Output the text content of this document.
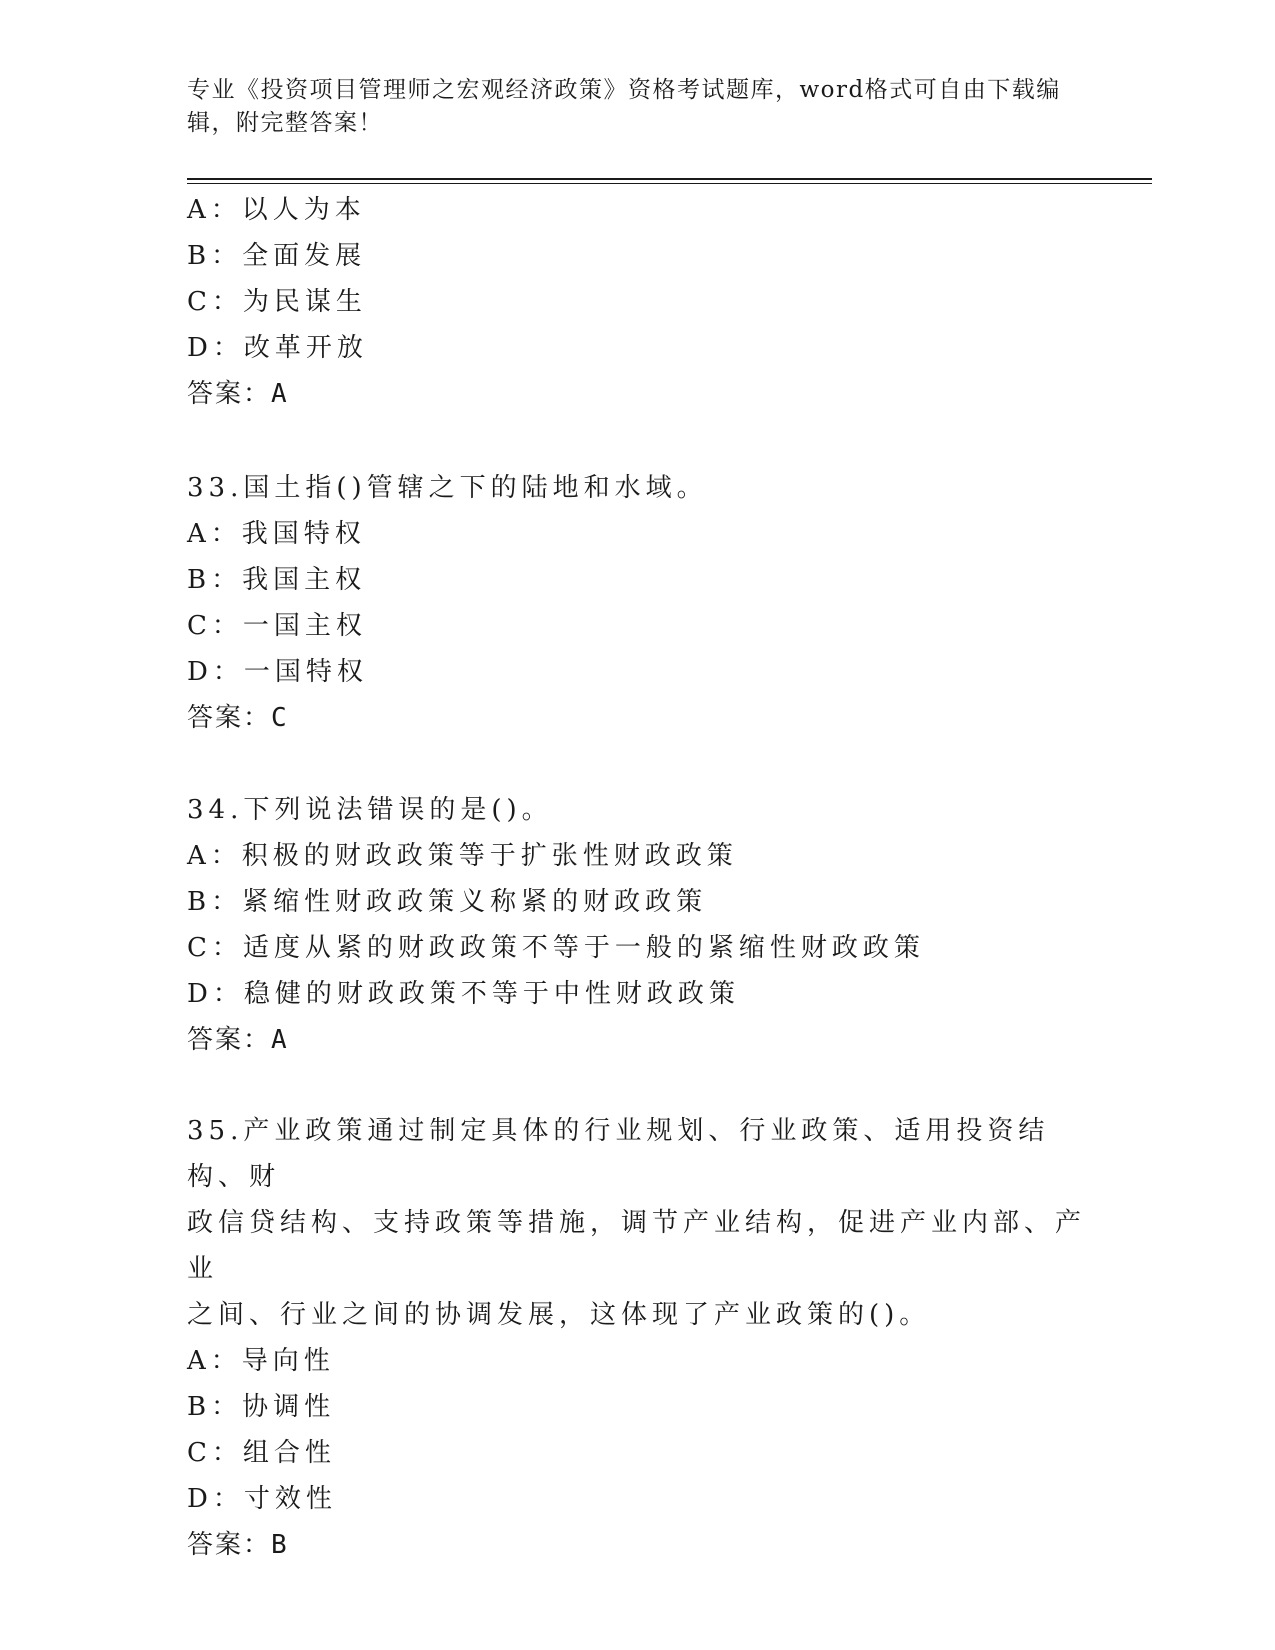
专业《投资项目管理师之宏观经济政策》资格考试题库，word格式可自由下载编辑，附完整答案！
A：以人为本
B：全面发展
C：为民谋生
D：改革开放
答案：A
33.国土指()管辖之下的陆地和水域。
A：我国特权
B：我国主权
C：一国主权
D：一国特权
答案：C
34.下列说法错误的是()。
A：积极的财政政策等于扩张性财政政策
B：紧缩性财政政策义称紧的财政政策
C：适度从紧的财政政策不等于一般的紧缩性财政政策
D：稳健的财政政策不等于中性财政政策
答案：A
35.产业政策通过制定具体的行业规划、行业政策、适用投资结构、财
政信贷结构、支持政策等措施，调节产业结构，促进产业内部、产业
之间、行业之间的协调发展，这体现了产业政策的()。
A：导向性
B：协调性
C：组合性
D：寸效性
答案：B
